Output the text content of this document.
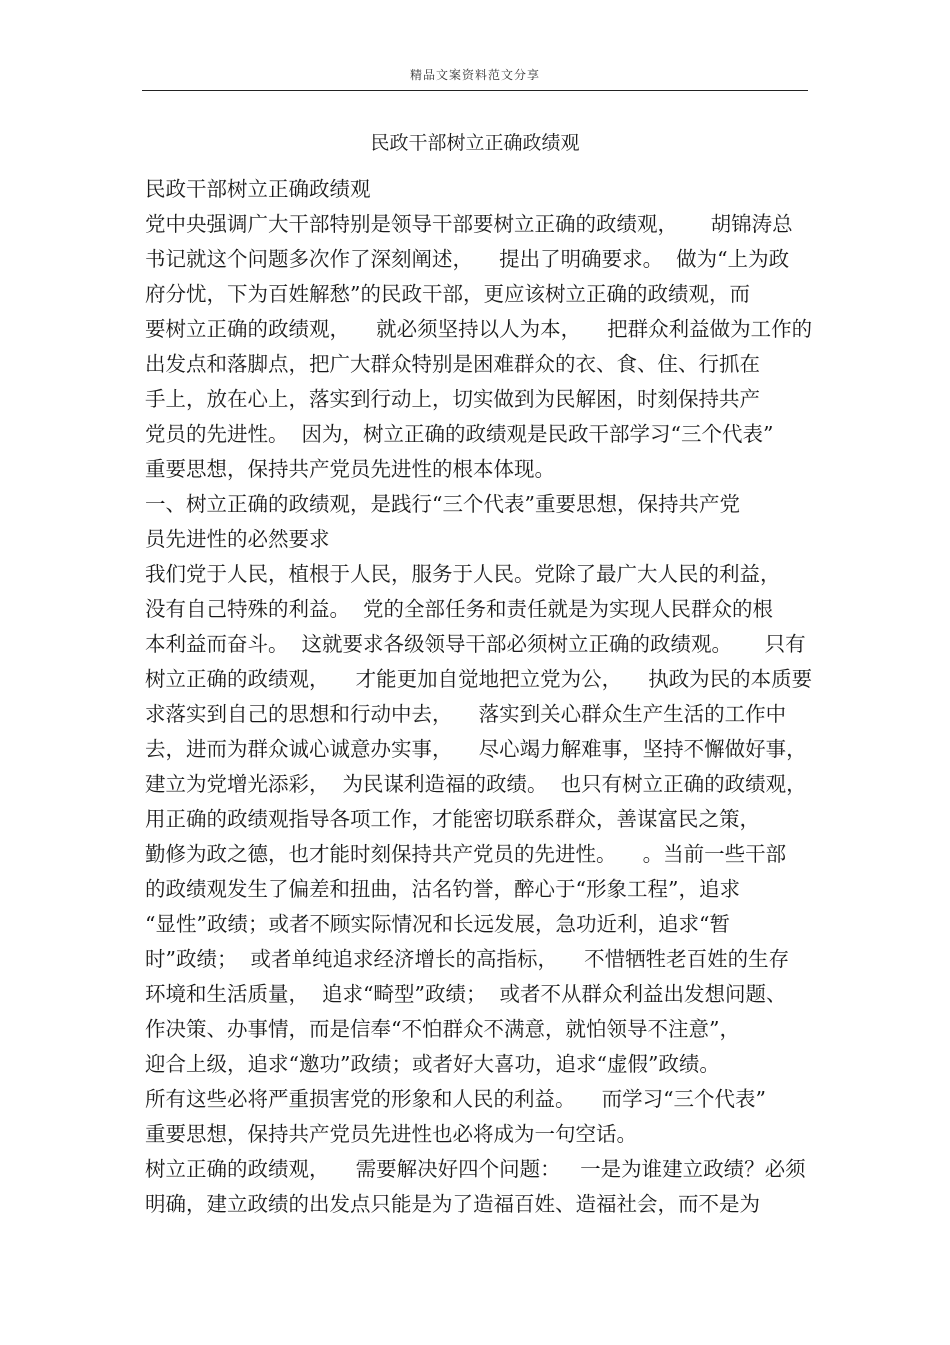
精品文案资料范文分享
民政干部树立正确政绩观
民政干部树立正确政绩观
党中央强调广大干部特别是领导干部要树立正确的政绩观，     胡锦涛总
书记就这个问题多次作了深刻阐述，    提出了明确要求。  做为“上为政
府分忧，下为百姓解愁”的民政干部，更应该树立正确的政绩观，而
要树立正确的政绩观，    就必须坚持以人为本，    把群众利益做为工作的
出发点和落脚点，把广大群众特别是困难群众的衣、食、住、行抓在
手上，放在心上，落实到行动上，切实做到为民解困，时刻保持共产
党员的先进性。  因为，树立正确的政绩观是民政干部学习“三个代表”
重要思想，保持共产党员先进性的根本体现。
一、树立正确的政绩观，是践行“三个代表”重要思想，保持共产党
员先进性的必然要求
我们党于人民，植根于人民，服务于人民。党除了最广大人民的利益，
没有自己特殊的利益。  党的全部任务和责任就是为实现人民群众的根
本利益而奋斗。  这就要求各级领导干部必须树立正确的政绩观。     只有
树立正确的政绩观，    才能更加自觉地把立党为公，    执政为民的本质要
求落实到自己的思想和行动中去，    落实到关心群众生产生活的工作中
去，进而为群众诚心诚意办实事，    尽心竭力解难事，坚持不懈做好事，
建立为党增光添彩，  为民谋利造福的政绩。  也只有树立正确的政绩观，
用正确的政绩观指导各项工作，才能密切联系群众，善谋富民之策，
勤修为政之德，也才能时刻保持共产党员的先进性。    。当前一些干部
的政绩观发生了偏差和扭曲，沽名钓誉，醉心于“形象工程”，追求
“显性”政绩；或者不顾实际情况和长远发展，急功近利，追求“暂
时”政绩；  或者单纯追求经济增长的高指标，    不惜牺牲老百姓的生存
环境和生活质量，  追求“畸型”政绩；  或者不从群众利益出发想问题、
作决策、办事情，而是信奉“不怕群众不满意，就怕领导不注意”，
迎合上级，追求“邀功”政绩；或者好大喜功，追求“虚假”政绩。
所有这些必将严重损害党的形象和人民的利益。    而学习“三个代表”
重要思想，保持共产党员先进性也必将成为一句空话。
树立正确的政绩观，    需要解决好四个问题：   一是为谁建立政绩？必须
明确，建立政绩的出发点只能是为了造福百姓、造福社会，而不是为
